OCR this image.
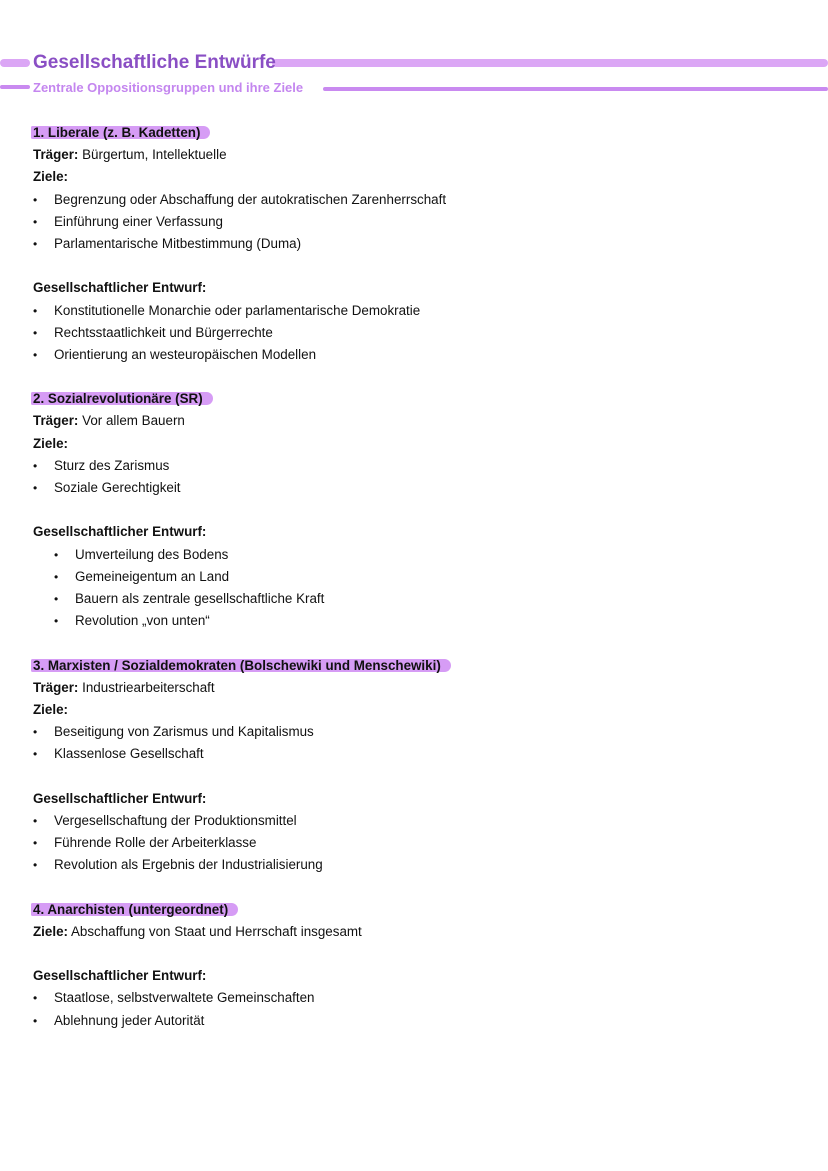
Gesellschaftliche Entwürfe
Zentrale Oppositionsgruppen und ihre Ziele
1. Liberale (z. B. Kadetten)
Träger: Bürgertum, Intellektuelle
Ziele:
•	Begrenzung oder Abschaffung der autokratischen Zarenherrschaft
•	Einführung einer Verfassung
•	Parlamentarische Mitbestimmung (Duma)
Gesellschaftlicher Entwurf:
•	Konstitutionelle Monarchie oder parlamentarische Demokratie
•	Rechtsstaatlichkeit und Bürgerrechte
•	Orientierung an westeuropäischen Modellen
2. Sozialrevolutionäre (SR)
Träger: Vor allem Bauern
Ziele:
•	Sturz des Zarismus
•	Soziale Gerechtigkeit
Gesellschaftlicher Entwurf:
•	Umverteilung des Bodens
•	Gemeineigentum an Land
•	Bauern als zentrale gesellschaftliche Kraft
•	Revolution „von unten“
3. Marxisten / Sozialdemokraten (Bolschewiki und Menschewiki)
Träger: Industriearbeiterschaft
Ziele:
•	Beseitigung von Zarismus und Kapitalismus
•	Klassenlose Gesellschaft
Gesellschaftlicher Entwurf:
•	Vergesellschaftung der Produktionsmittel
•	Führende Rolle der Arbeiterklasse
•	Revolution als Ergebnis der Industrialisierung
4. Anarchisten (untergeordnet)
Ziele: Abschaffung von Staat und Herrschaft insgesamt
Gesellschaftlicher Entwurf:
•	Staatlose, selbstverwaltete Gemeinschaften
•	Ablehnung jeder Autorität
